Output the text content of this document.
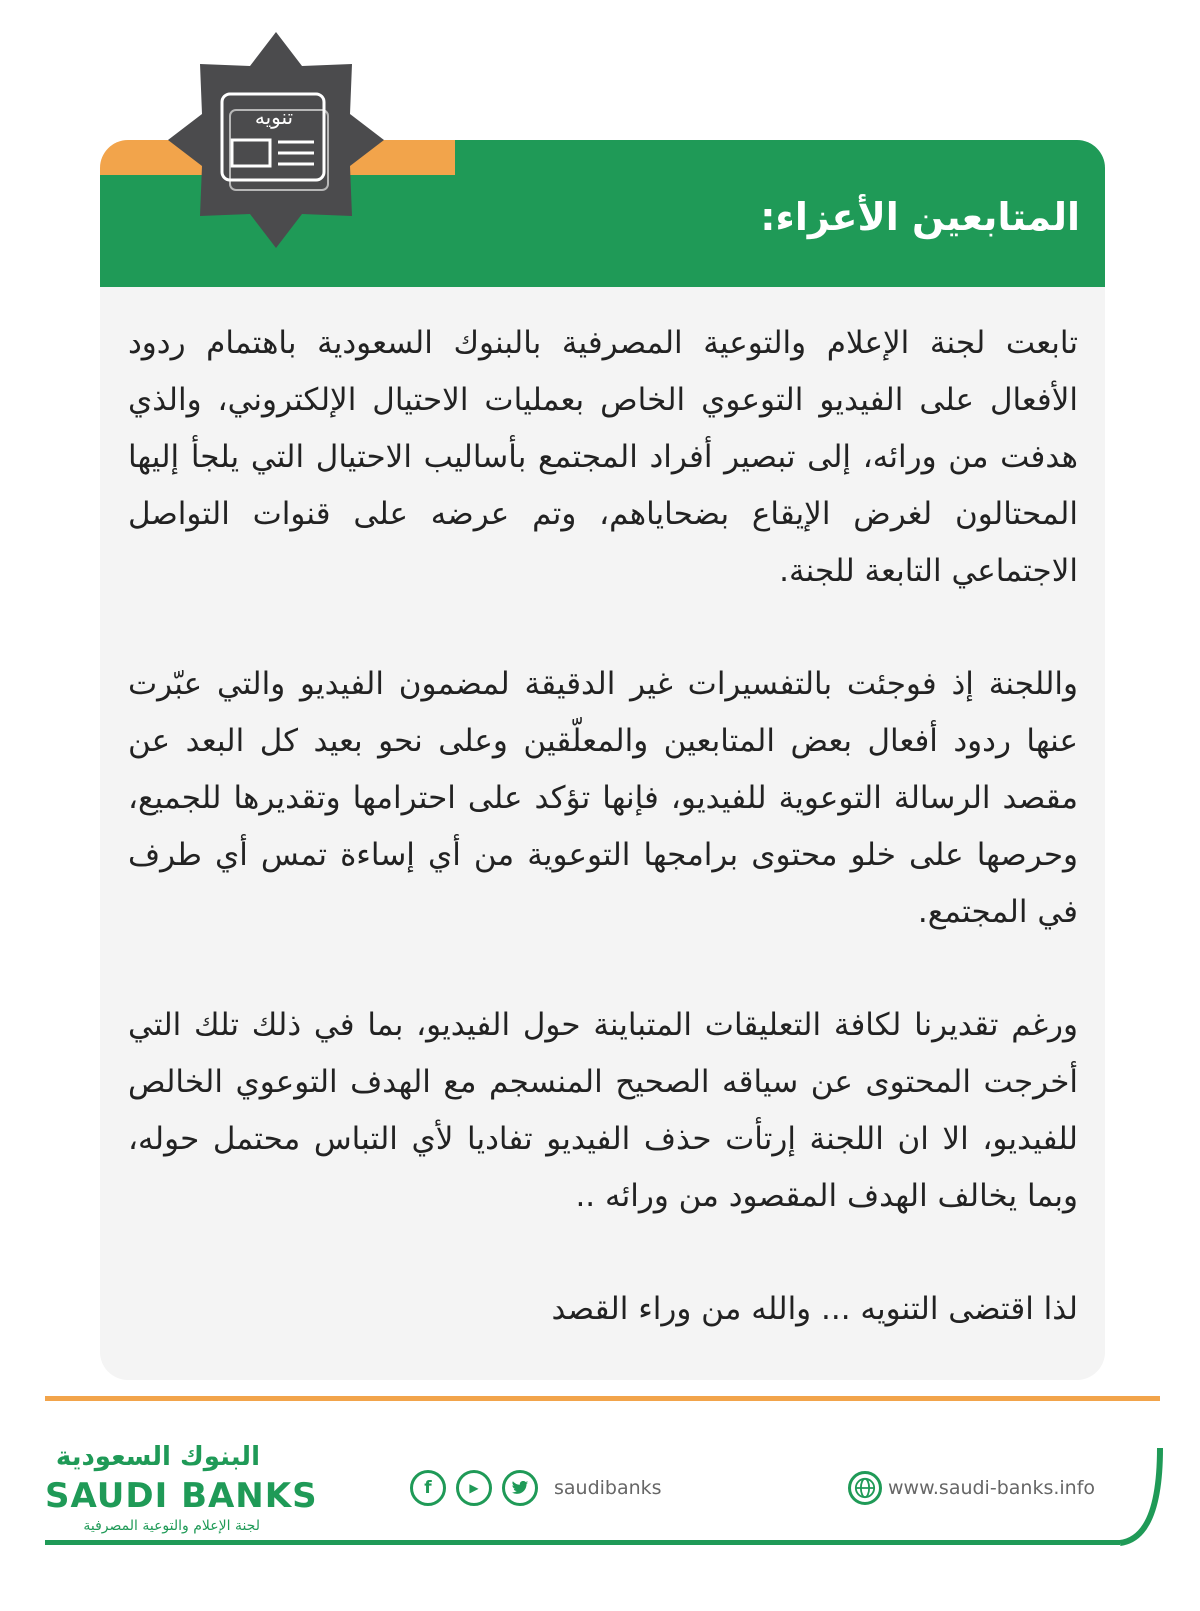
المتابعين الأعزاء:
تنويه

تابعت لجنة الإعلام والتوعية المصرفية بالبنوك السعودية باهتمام ردود الأفعال على الفيديو التوعوي الخاص بعمليات الاحتيال الإلكتروني، والذي هدفت من ورائه، إلى تبصير أفراد المجتمع بأساليب الاحتيال التي يلجأ إليها المحتالون لغرض الإيقاع بضحاياهم، وتم عرضه على قنوات التواصل الاجتماعي التابعة للجنة.

واللجنة إذ فوجئت بالتفسيرات غير الدقيقة لمضمون الفيديو والتي عبّرت عنها ردود أفعال بعض المتابعين والمعلّقين وعلى نحو بعيد كل البعد عن مقصد الرسالة التوعوية للفيديو، فإنها تؤكد على احترامها وتقديرها للجميع، وحرصها على خلو محتوى برامجها التوعوية من أي إساءة تمس أي طرف في المجتمع.

ورغم تقديرنا لكافة التعليقات المتباينة حول الفيديو، بما في ذلك تلك التي أخرجت المحتوى عن سياقه الصحيح المنسجم مع الهدف التوعوي الخالص للفيديو، الا ان اللجنة إرتأت حذف الفيديو تفاديا لأي التباس محتمل حوله، وبما يخالف الهدف المقصود من ورائه ..

لذا اقتضى التنويه ... والله من وراء القصد

البنوك السعودية
SAUDI BANKS
لجنة الإعلام والتوعية المصرفية
f	▶	saudibanks	www.saudi-banks.info
